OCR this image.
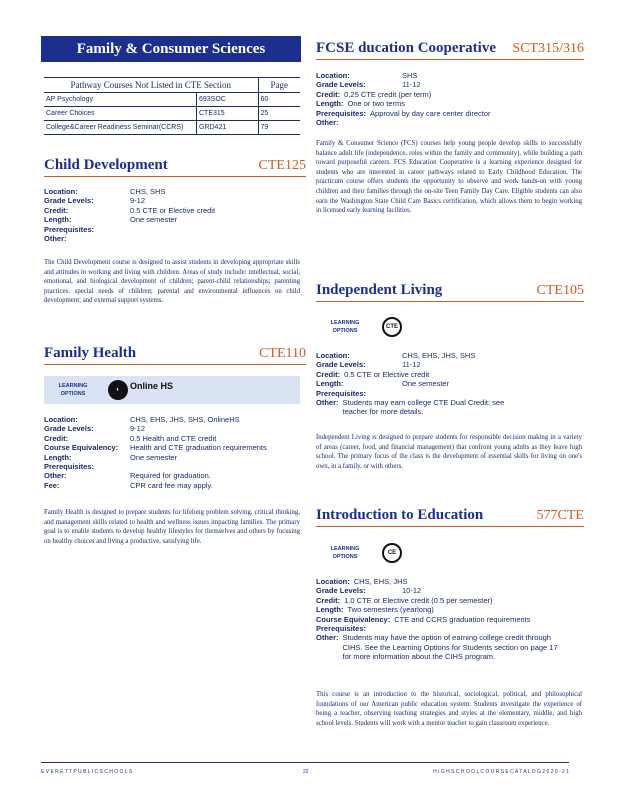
Family & Consumer Sciences
Pathway Courses Not Listed in CTE Section		Page
AP Psychology	693SOC	60
Career Choices	CTE315	25
College&Career Readiness Seminar(CCRS)	GRD421	79
Child Development	CTE125
Location:	CHS, SHS
Grade Levels:	9-12
Credit:	0.5 CTE or Elective credit
Length:	One semester
Prerequisites:
Other:
The Child Development course is designed to assist students in developing appropriate skills and attitudes in working and living with children. Areas of study include: intellectual, social, emotional, and biological development of children; parent-child relationships; parenting practices; special needs of children; parental and environmental influences on child development; and external support systems.
Family Health	CTE110
LEARNING OPTIONS
◐	Online HS
Location:	CHS, EHS, JHS, SHS, OnlineHS
Grade Levels:	9-12
Credit:	0.5 Health and CTE credit
Course Equivalency:	Health and CTE graduation requirements
Length:	One semester
Prerequisites:
Other:	Required for graduation.
Fee:	CPR card fee may apply.
Family Health is designed to prepare students for lifelong problem solving, critical thinking, and management skills related to health and wellness issues impacting families. The primary goal is to enable students to develop healthy lifestyles for themselves and others by focusing on healthy choices and living a productive, satisfying life.
FCSE ducation Cooperative SCT315/316
Location:	SHS
Grade Levels:	11-12
Credit: 0.25 CTE credit (per term)
Length: One or two terms
Prerequisites: Approval by day care center director
Other:
Family & Consumer Science (FCS) courses help young people develop skills to successfully balance adult life (independence, roles within the family and community), while building a path toward purposeful careers. FCS Education Cooperative is a learning experience designed for students who are interested in career pathways related to Early Childhood Education. The practicum course offers students the opportunity to observe and work hands-on with young children and their families through the on-site Teen Family Day Care. Eligible students can also earn the Washington State Child Care Basics certification, which allows them to begin working in licensed early learning facilities.
Independent Living	CTE105
LEARNING OPTIONS
CTE
Location:	CHS, EHS, JHS, SHS
Grade Levels:	11-12
Credit: 0.5 CTE or Elective credit
Length:	One semester
Prerequisites:
Other: Students may earn college CTE Dual Credit; see teacher for more details.
Independent Living is designed to prepare students for responsible decision making in a variety of areas (career, food, and financial management) that confront young adults as they leave high school. The primary focus of the class is the development of essential skills for living on one's own, in a family, or with others.
Introduction to Education	577CTE
LEARNING OPTIONS
CE
Location: CHS, EHS, JHS
Grade Levels:	10-12
Credit: 1.0 CTE or Elective credit (0.5 per semester)
Length: Two semesters (yearlong)
Course Equivalency: CTE and CCRS graduation requirements
Prerequisites:
Other: Students may have the option of earning college credit through CIHS. See the Learning Options for Students section on page 17 for more information about the CIHS program.
This course is an introduction to the historical, sociological, political, and philosophical foundations of our American public education system. Students investigate the experience of being a teacher, observing teaching strategies and styles at the elementary, middle, and high school levels. Students will work with a mentor teacher to gain classroom experience.
E V E R E T T P U B L I C S C H O O L S	22	H I G H S C H O O L C O U R S E C A T A L O G 2 0 2 0 - 2 1
